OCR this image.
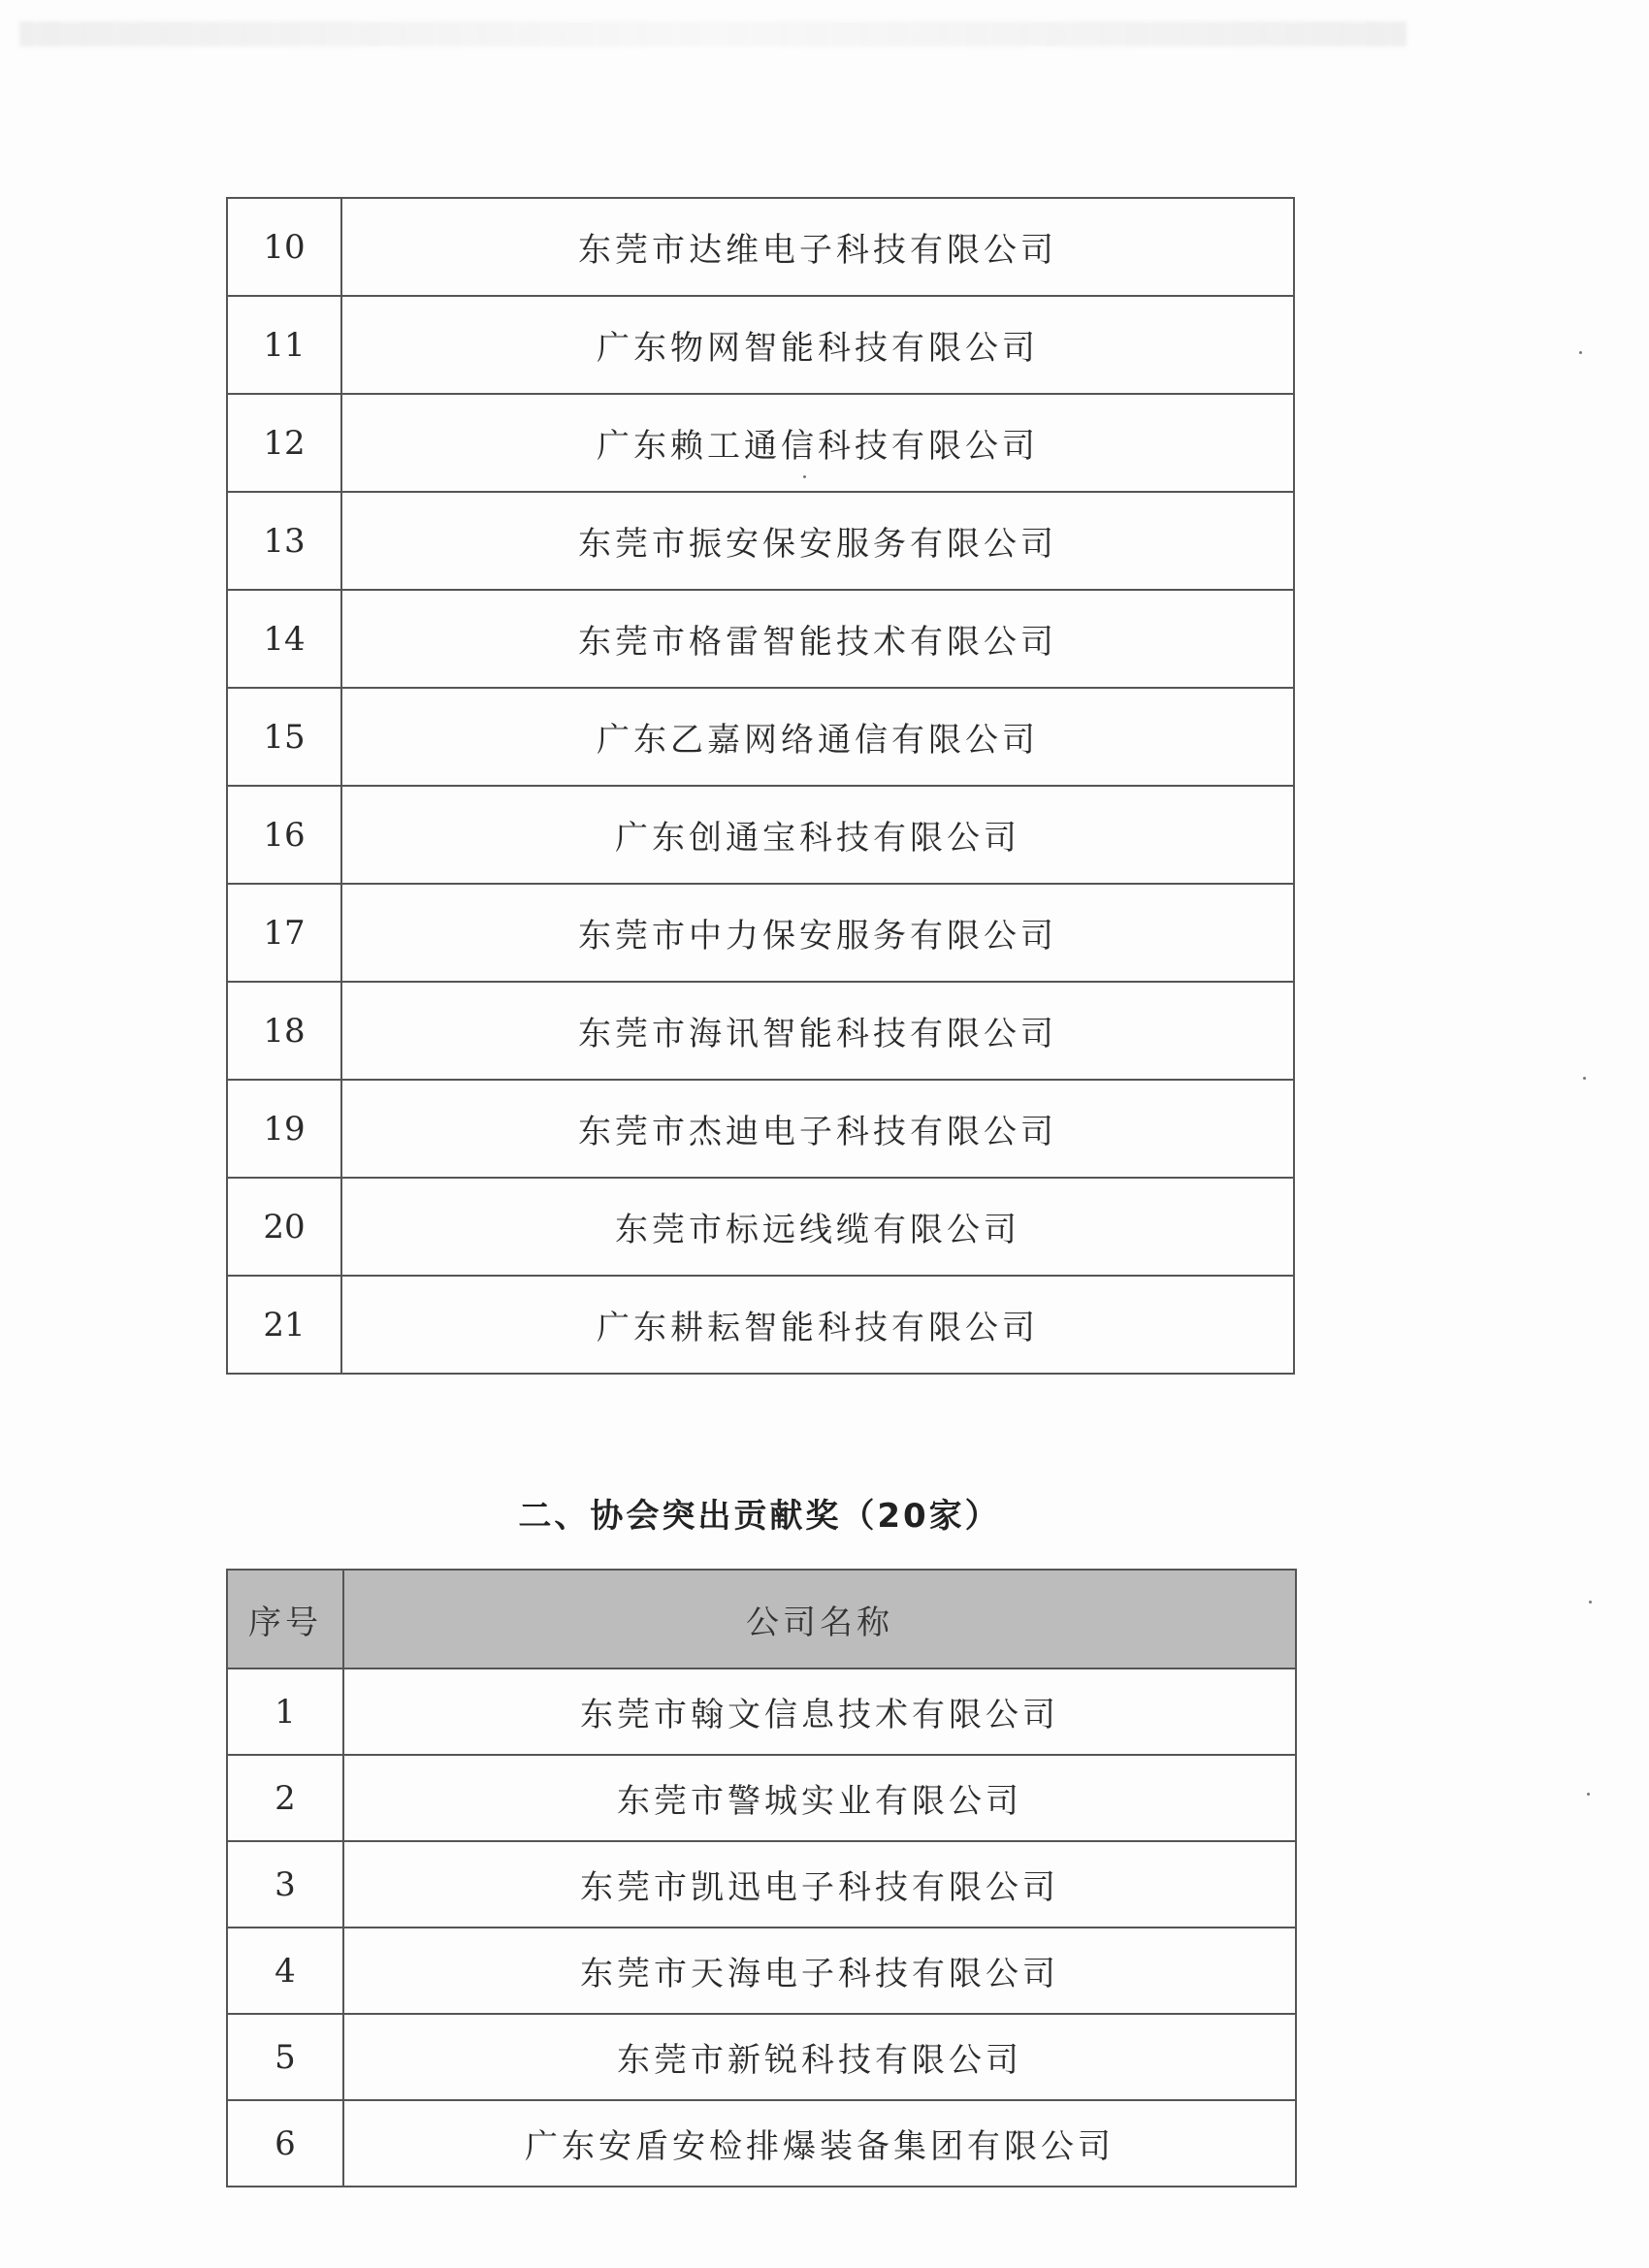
10	东莞市达维电子科技有限公司
11	广东物网智能科技有限公司
12	广东赖工通信科技有限公司
13	东莞市振安保安服务有限公司
14	东莞市格雷智能技术有限公司
15	广东乙嘉网络通信有限公司
16	广东创通宝科技有限公司
17	东莞市中力保安服务有限公司
18	东莞市海讯智能科技有限公司
19	东莞市杰迪电子科技有限公司
20	东莞市标远线缆有限公司
21	广东耕耘智能科技有限公司
二、协会突出贡献奖（20家）
序号	公司名称
1	东莞市翰文信息技术有限公司
2	东莞市警城实业有限公司
3	东莞市凯迅电子科技有限公司
4	东莞市天海电子科技有限公司
5	东莞市新锐科技有限公司
6	广东安盾安检排爆装备集团有限公司
